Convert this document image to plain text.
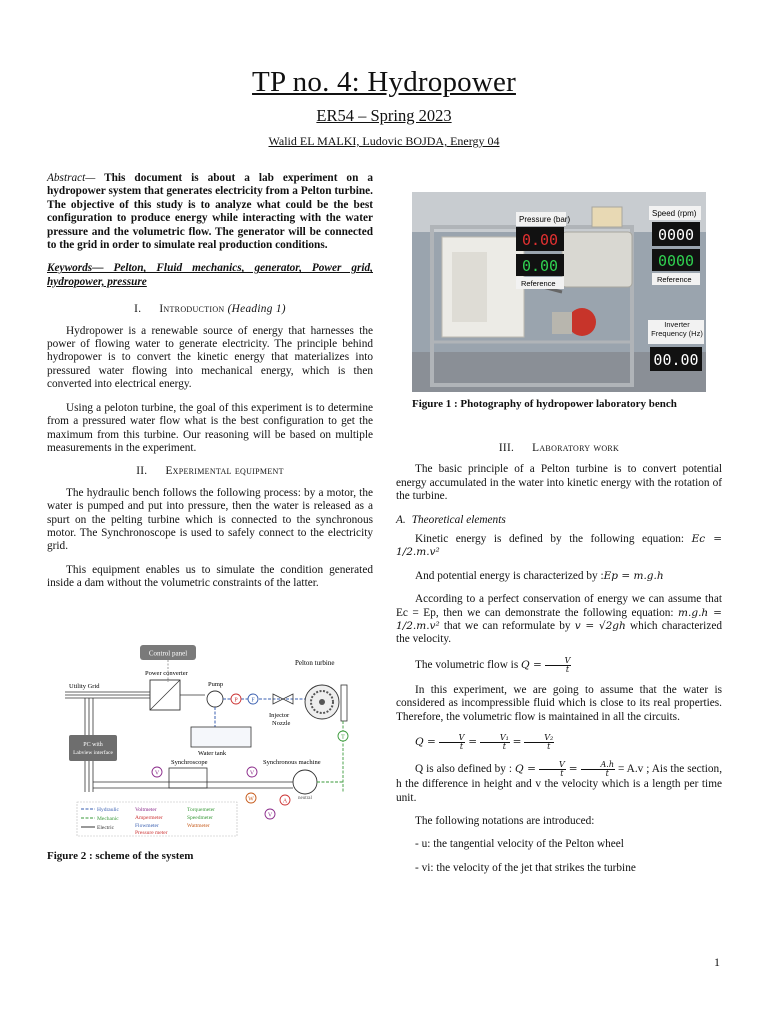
TP no. 4: Hydropower
ER54 – Spring 2023
Walid EL MALKI, Ludovic BOJDA, Energy 04

Abstract— This document is about a lab experiment on a hydropower system that generates electricity from a Pelton turbine. The objective of this study is to analyze what could be the best configuration to produce energy while interacting with the water pressure and the volumetric flow. The generator will be connected to the grid in order to simulate real production conditions.

Keywords— Pelton, Fluid mechanics, generator, Power grid, hydropower, pressure

I. Introduction (Heading 1)

Hydropower is a renewable source of energy that harnesses the power of flowing water to generate electricity. The principle behind hydropower is to convert the kinetic energy that materializes into pressured water flowing into mechanical energy, which is then converted into electrical energy.

Using a peloton turbine, the goal of this experiment is to determine from a pressured water flow what is the best configuration to get the maximum from this turbine. Our reasoning will be based on multiple measurements in the experiment.

II. Experimental equipment

The hydraulic bench follows the following process: by a motor, the water is pumped and put into pressure, then the water is released as a spurt on the pelting turbine which is connected to the synchronous motor. The Synchronoscope is used to safely connect to the electricity grid.

This equipment enables us to simulate the condition generated inside a dam without the volumetric constraints of the latter.

Control panel
Power converter
Utility Grid	Pump
P F
Injector
Nozzle
Pelton turbine
T
Water tank
PC with
Labview interface
Synchroscope
V	V
Synchronous machine
W	A
V
neutral
Hydraulic
Mechanic
Electric
Voltmeter
Ampermeter
Flowmeter
Pressure meter
Torquemeter
Speedmeter
Wattmeter
Figure 2 : scheme of the system
Pressure (bar)
0.00
0.00
Reference
Speed (rpm)
0000
0000
Reference
Inverter Frequency (Hz)
00.00
Figure 1 : Photography of hydropower laboratory bench
III. Laboratory work

The basic principle of a Pelton turbine is to convert potential energy accumulated in the water into kinetic energy with the rotation of the turbine.

A. Theoretical elements

Kinetic energy is defined by the following equation: Ec = 1/2.m.v²

And potential energy is characterized by :Ep = m.g.h

According to a perfect conservation of energy we can assume that Ec = Ep, then we can demonstrate the following equation: m.g.h = 1/2.m.v² that we can reformulate by v = √2gh which characterized the velocity.

The volumetric flow is $Q = \frac{V}{t}$

In this experiment, we are going to assume that the water is considered as incompressible fluid which is close to its real properties. Therefore, the volumetric flow is maintained in all the circuits.

$Q = \frac{V}{t} = \frac{\text{V₁}}{t} = \frac{\text{V₂}}{t}$

Q is also defined by : $Q = \frac{V}{t} = \frac{A.h}{t} = A.v$ ; Ais the section, h the difference in height and v the velocity which is a length per time unit.

The following notations are introduced:

- u: the tangential velocity of the Pelton wheel

- vi: the velocity of the jet that strikes the turbine

1
